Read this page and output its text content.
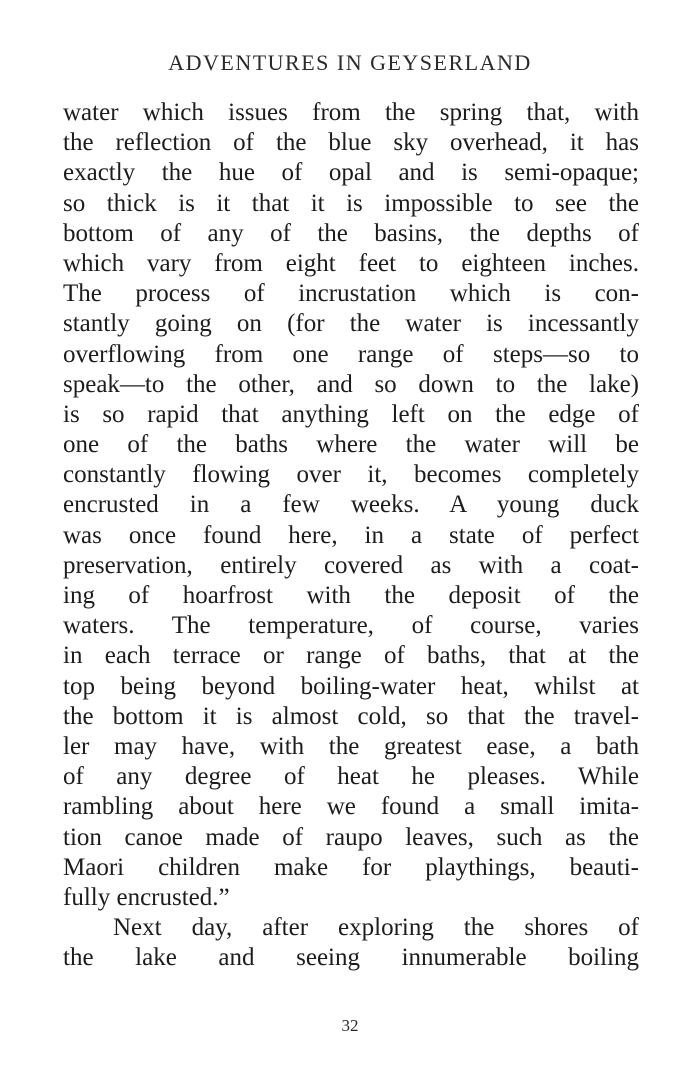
ADVENTURES IN GEYSERLAND
water which issues from the spring that, with
the reflection of the blue sky overhead, it has
exactly the hue of opal and is semi-opaque;
so thick is it that it is impossible to see the
bottom of any of the basins, the depths of
which vary from eight feet to eighteen inches.
The process of incrustation which is con-
stantly going on (for the water is incessantly
overflowing from one range of steps—so to
speak—to the other, and so down to the lake)
is so rapid that anything left on the edge of
one of the baths where the water will be
constantly flowing over it, becomes completely
encrusted in a few weeks. A young duck
was once found here, in a state of perfect
preservation, entirely covered as with a coat-
ing of hoarfrost with the deposit of the
waters. The temperature, of course, varies
in each terrace or range of baths, that at the
top being beyond boiling-water heat, whilst at
the bottom it is almost cold, so that the travel-
ler may have, with the greatest ease, a bath
of any degree of heat he pleases. While
rambling about here we found a small imita-
tion canoe made of raupo leaves, such as the
Maori children make for playthings, beauti-
fully encrusted.”
Next day, after exploring the shores of
the lake and seeing innumerable boiling
32
